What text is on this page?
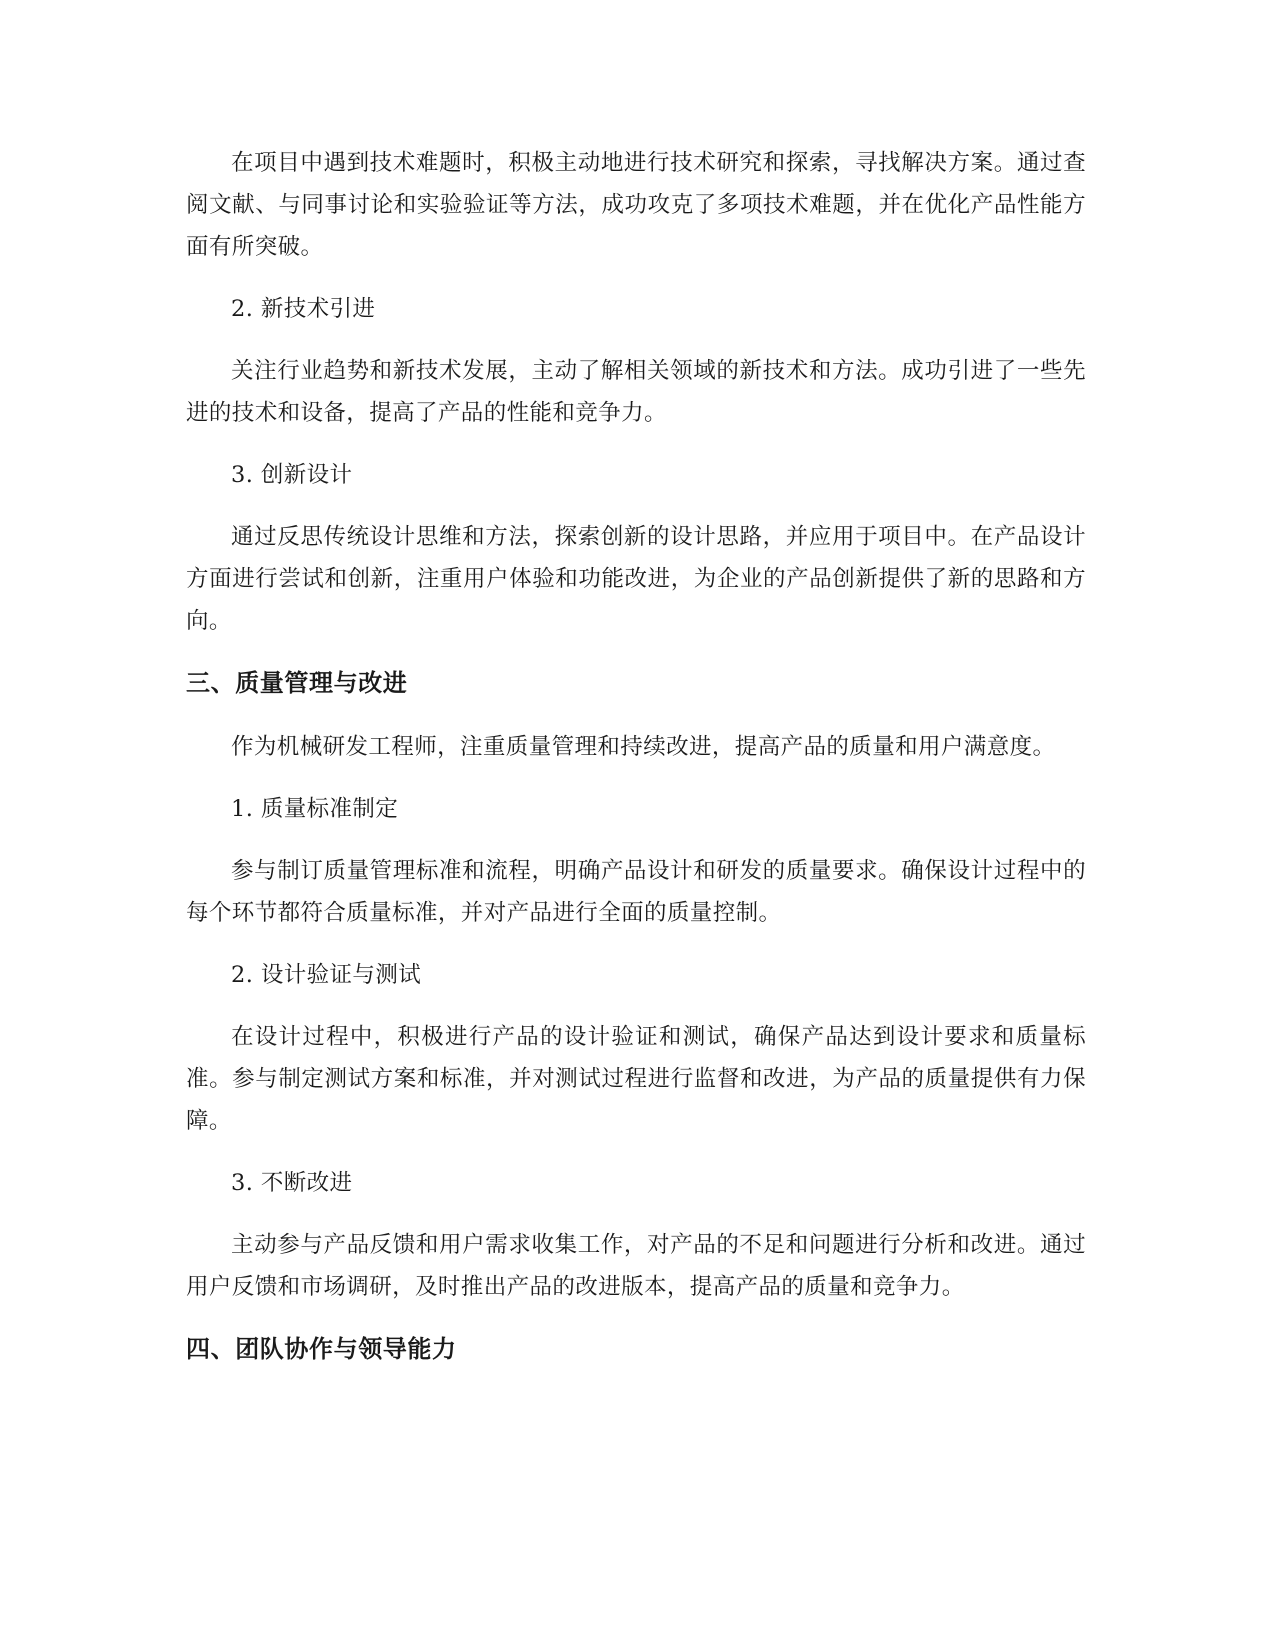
在项目中遇到技术难题时，积极主动地进行技术研究和探索，寻找解决方案。通过查阅文献、与同事讨论和实验验证等方法，成功攻克了多项技术难题，并在优化产品性能方面有所突破。

2. 新技术引进

关注行业趋势和新技术发展，主动了解相关领域的新技术和方法。成功引进了一些先进的技术和设备，提高了产品的性能和竞争力。

3. 创新设计

通过反思传统设计思维和方法，探索创新的设计思路，并应用于项目中。在产品设计方面进行尝试和创新，注重用户体验和功能改进，为企业的产品创新提供了新的思路和方向。

三、质量管理与改进

作为机械研发工程师，注重质量管理和持续改进，提高产品的质量和用户满意度。

1. 质量标准制定

参与制订质量管理标准和流程，明确产品设计和研发的质量要求。确保设计过程中的每个环节都符合质量标准，并对产品进行全面的质量控制。

2. 设计验证与测试

在设计过程中，积极进行产品的设计验证和测试，确保产品达到设计要求和质量标准。参与制定测试方案和标准，并对测试过程进行监督和改进，为产品的质量提供有力保障。

3. 不断改进

主动参与产品反馈和用户需求收集工作，对产品的不足和问题进行分析和改进。通过用户反馈和市场调研，及时推出产品的改进版本，提高产品的质量和竞争力。

四、团队协作与领导能力
